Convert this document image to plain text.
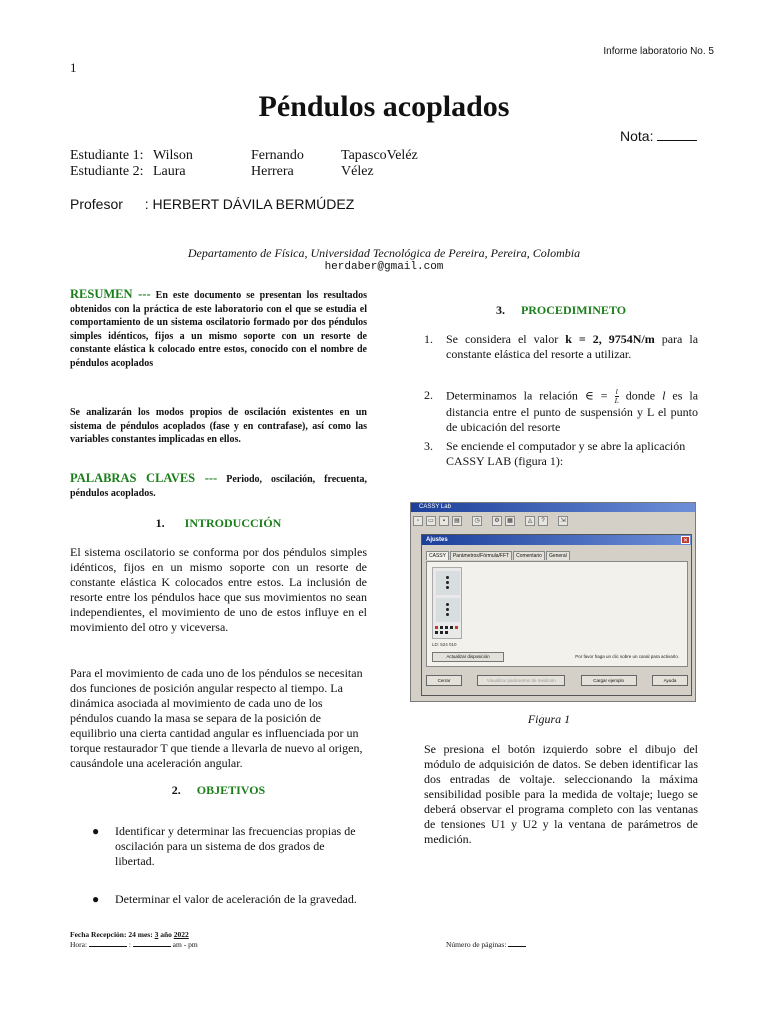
Informe laboratorio No. 5
1
Péndulos acoplados
Nota:
Estudiante 1: Wilson	Fernando	TapascoVeléz
Estudiante 2: Laura	Herrera	Vélez
Profesor : HERBERT DÁVILA BERMÚDEZ
Departamento de Física, Universidad Tecnológica de Pereira, Pereira, Colombia
herdaber@gmail.com
RESUMEN --- En este documento se presentan los resultados obtenidos con la práctica de este laboratorio con el que se estudia el comportamiento de un sistema oscilatorio formado por dos péndulos simples idénticos, fijos a un mismo soporte con un resorte de constante elástica k colocado entre estos, conocido con el nombre de péndulos acoplados
Se analizarán los modos propios de oscilación existentes en un sistema de péndulos acoplados (fase y en contrafase), así como las variables constantes implicadas en ellos.
PALABRAS CLAVES --- Periodo, oscilación, frecuenta, péndulos acoplados.
1. INTRODUCCIÓN

El sistema oscilatorio se conforma por dos péndulos simples idénticos, fijos en un mismo soporte con un resorte de constante elástica K colocados entre estos. La inclusión de resorte entre los péndulos hace que sus movimientos no sean independientes, el movimiento de uno de estos influye en el movimiento del otro y viceversa.

Para el movimiento de cada uno de los péndulos se necesitan dos funciones de posición angular respecto al tiempo. La dinámica asociada al movimiento de cada uno de los péndulos cuando la masa se separa de la posición de equilibrio una cierta cantidad angular es influenciada por un torque restaurador T que tiende a llevarla de nuevo al origen, causándole una aceleración angular.

2. OBJETIVOS
●	Identificar y determinar las frecuencias propias de oscilación para un sistema de dos grados de libertad.
●	Determinar el valor de aceleración de la gravedad.
3. PROCEDIMINETO
1.	Se considera el valor k = 2, 9754N/m para la constante elástica del resorte a utilizar.
2.	Determinamos la relación ∈ = $\frac{l}{L}$ donde l es la distancia entre el punto de suspensión y L el punto de ubicación del resorte
3.	Se enciende el computador y se abre la aplicación CASSY LAB (figura 1):
CASSY Lab
▫	▭	▪	▤	◷	⚙	▦	◬	?	⇲
Ajustes	✕
CASSY	Parámetros/Fórmula/FFT	Comentario	General
LD: 524 010
Actualizar disposición	Por favor haga un clic sobre un canal para activarlo.
Cerrar	Visualizar parámetros de medición	Cargar ejemplo	Ayuda
Figura 1

Se presiona el botón izquierdo sobre el dibujo del módulo de adquisición de datos. Se deben identificar las dos entradas de voltaje. seleccionando la máxima sensibilidad posible para la medida de voltaje; luego se deberá observar el programa completo con las ventanas de tensiones U1 y U2 y la ventana de parámetros de medición.

Fecha Recepción: 24 mes: 3 año 2022
Hora:	:	am - pm	Número de páginas:
